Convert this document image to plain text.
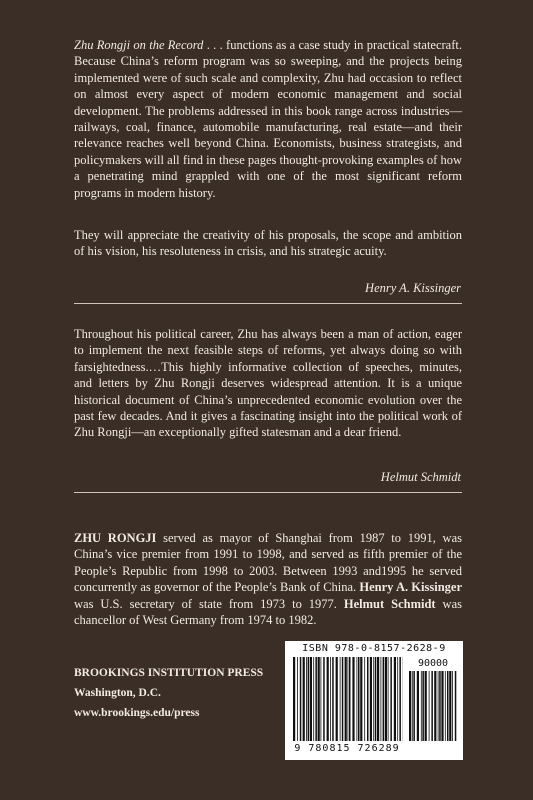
Zhu Rongji on the Record . . . functions as a case study in practical statecraft. Because China’s reform program was so sweeping, and the projects being implemented were of such scale and complexity, Zhu had occasion to reflect on almost every aspect of modern economic management and social development. The problems addressed in this book range across industries—railways, coal, finance, automobile manufacturing, real estate—and their relevance reaches well beyond China. Economists, business strategists, and policymakers will all find in these pages thought-provoking examples of how a penetrating mind grappled with one of the most significant reform programs in modern history.
They will appreciate the creativity of his proposals, the scope and ambition of his vision, his resoluteness in crisis, and his strategic acuity.
Henry A. Kissinger
Throughout his political career, Zhu has always been a man of action, eager to implement the next feasible steps of reforms, yet always doing so with farsightedness.…This highly informative collection of speeches, minutes, and letters by Zhu Rongji deserves widespread attention. It is a unique historical document of China’s unprecedented economic evolution over the past few decades. And it gives a fascinating insight into the political work of Zhu Rongji—an exceptionally gifted statesman and a dear friend.
Helmut Schmidt
ZHU RONGJI served as mayor of Shanghai from 1987 to 1991, was China’s vice premier from 1991 to 1998, and served as fifth premier of the People’s Republic from 1998 to 2003. Between 1993 and1995 he served concurrently as governor of the People’s Bank of China. Henry A. Kissinger was U.S. secretary of state from 1973 to 1977. Helmut Schmidt was chancellor of West Germany from 1974 to 1982.
BROOKINGS INSTITUTION PRESS
Washington, D.C.
www.brookings.edu/press
ISBN 978-0-8157-2628-9
90000
9 780815 726289
